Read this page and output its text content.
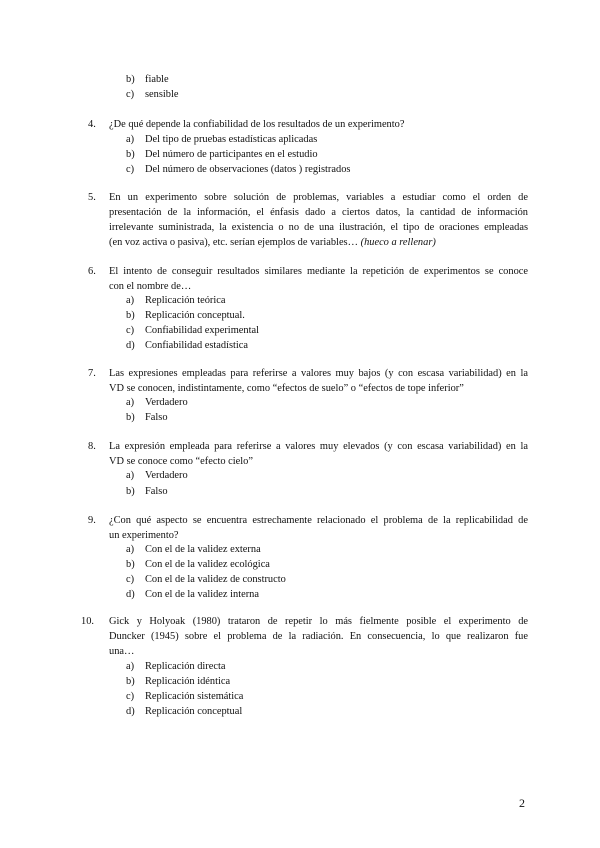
b) fiable
c) sensible
4. ¿De qué depende la confiabilidad de los resultados de un experimento?
a) Del tipo de pruebas estadísticas aplicadas
b) Del número de participantes en el estudio
c) Del número de observaciones (datos ) registrados
5. En un experimento sobre solución de problemas, variables a estudiar como el orden de
presentación de la información, el énfasis dado a ciertos datos, la cantidad de información
irrelevante suministrada, la existencia o no de una ilustración, el tipo de oraciones empleadas
(en voz activa o pasiva), etc. serían ejemplos de variables… (hueco a rellenar)
6. El intento de conseguir resultados similares mediante la repetición de experimentos se conoce
con el nombre de…
a) Replicación teórica
b) Replicación conceptual.
c) Confiabilidad experimental
d) Confiabilidad estadística
7. Las expresiones empleadas para referirse a valores muy bajos (y con escasa variabilidad) en la
VD se conocen, indistintamente, como “efectos de suelo” o “efectos de tope inferior”
a) Verdadero
b) Falso
8. La expresión empleada para referirse a valores muy elevados (y con escasa variabilidad) en la
VD se conoce como “efecto cielo”
a) Verdadero
b) Falso
9. ¿Con qué aspecto se encuentra estrechamente relacionado el problema de la replicabilidad de
un experimento?
a) Con el de la validez externa
b) Con el de la validez ecológica
c) Con el de la validez de constructo
d) Con el de la validez interna
10. Gick y Holyoak (1980) trataron de repetir lo más fielmente posible el experimento de
Duncker (1945) sobre el problema de la radiación. En consecuencia, lo que realizaron fue
una…
a) Replicación directa
b) Replicación idéntica
c) Replicación sistemática
d) Replicación conceptual
2
